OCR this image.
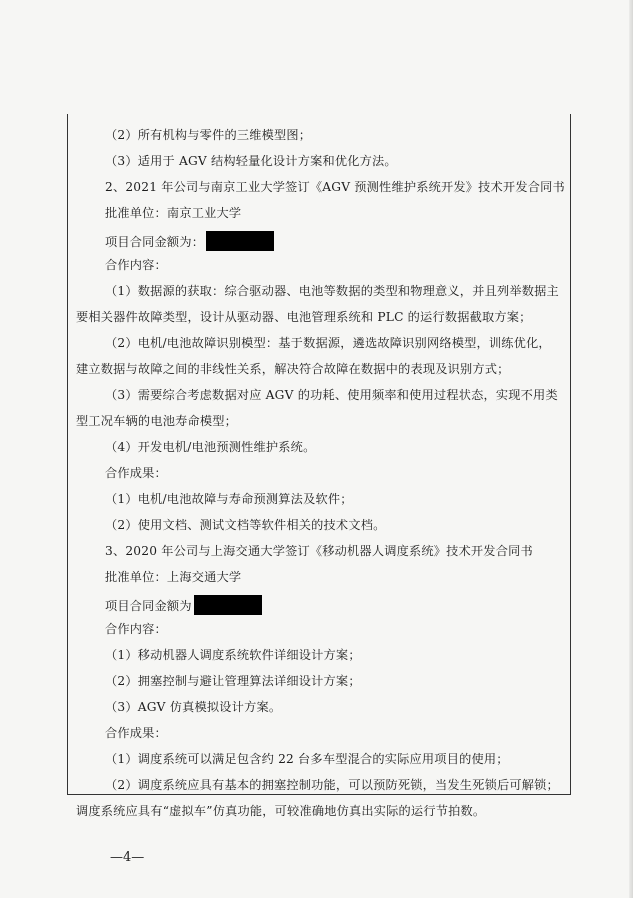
（2）所有机构与零件的三维模型图；
（3）适用于 AGV 结构轻量化设计方案和优化方法。
2、2021 年公司与南京工业大学签订《AGV 预测性维护系统开发》技术开发合同书
批准单位：南京工业大学
项目合同金额为：
合作内容：
（1）数据源的获取：综合驱动器、电池等数据的类型和物理意义，并且列举数据主
要相关器件故障类型，设计从驱动器、电池管理系统和 PLC 的运行数据截取方案；
（2）电机/电池故障识别模型：基于数据源，遴选故障识别网络模型，训练优化，
建立数据与故障之间的非线性关系，解决符合故障在数据中的表现及识别方式；
（3）需要综合考虑数据对应 AGV 的功耗、使用频率和使用过程状态，实现不用类
型工况车辆的电池寿命模型；
（4）开发电机/电池预测性维护系统。
合作成果：
（1）电机/电池故障与寿命预测算法及软件；
（2）使用文档、测试文档等软件相关的技术文档。
3、2020 年公司与上海交通大学签订《移动机器人调度系统》技术开发合同书
批准单位：上海交通大学
项目合同金额为
合作内容：
（1）移动机器人调度系统软件详细设计方案；
（2）拥塞控制与避让管理算法详细设计方案；
（3）AGV 仿真模拟设计方案。
合作成果：
（1）调度系统可以满足包含约 22 台多车型混合的实际应用项目的使用；
（2）调度系统应具有基本的拥塞控制功能，可以预防死锁，当发生死锁后可解锁；
调度系统应具有“虚拟车”仿真功能，可较准确地仿真出实际的运行节拍数。
—4—
